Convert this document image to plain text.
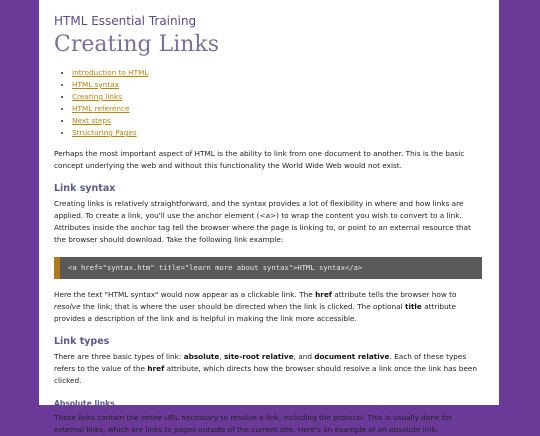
HTML Essential Training
Creating Links
• Introduction to HTML
• HTML syntax
• Creating links
• HTML reference
• Next steps
• Structuring Pages

Perhaps the most important aspect of HTML is the ability to link from one document to another. This is the basic concept underlying the web and without this functionality the World Wide Web would not exist.

Link syntax

Creating links is relatively straightforward, and the syntax provides a lot of flexibility in where and how links are applied. To create a link, you'll use the anchor element (<a>) to wrap the content you wish to convert to a link. Attributes inside the anchor tag tell the browser where the page is linking to, or point to an external resource that the browser should download. Take the following link example:

<a href="syntax.htm" title="learn more about syntax">HTML syntax</a>

Here the text "HTML syntax" would now appear as a clickable link. The href attribute tells the browser how to resolve the link; that is where the user should be directed when the link is clicked. The optional title attribute provides a description of the link and is helpful in making the link more accessible.

Link types

There are three basic types of link: absolute, site-root relative, and document relative. Each of these types refers to the value of the href attribute, which directs how the browser should resolve a link once the link has been clicked.

Absolute links

These links contain the entire URL necessary to resolve a link, including the protocol. This is usually done for external links, which are links to pages outside of the current site. Here's an example of an absolute link:
